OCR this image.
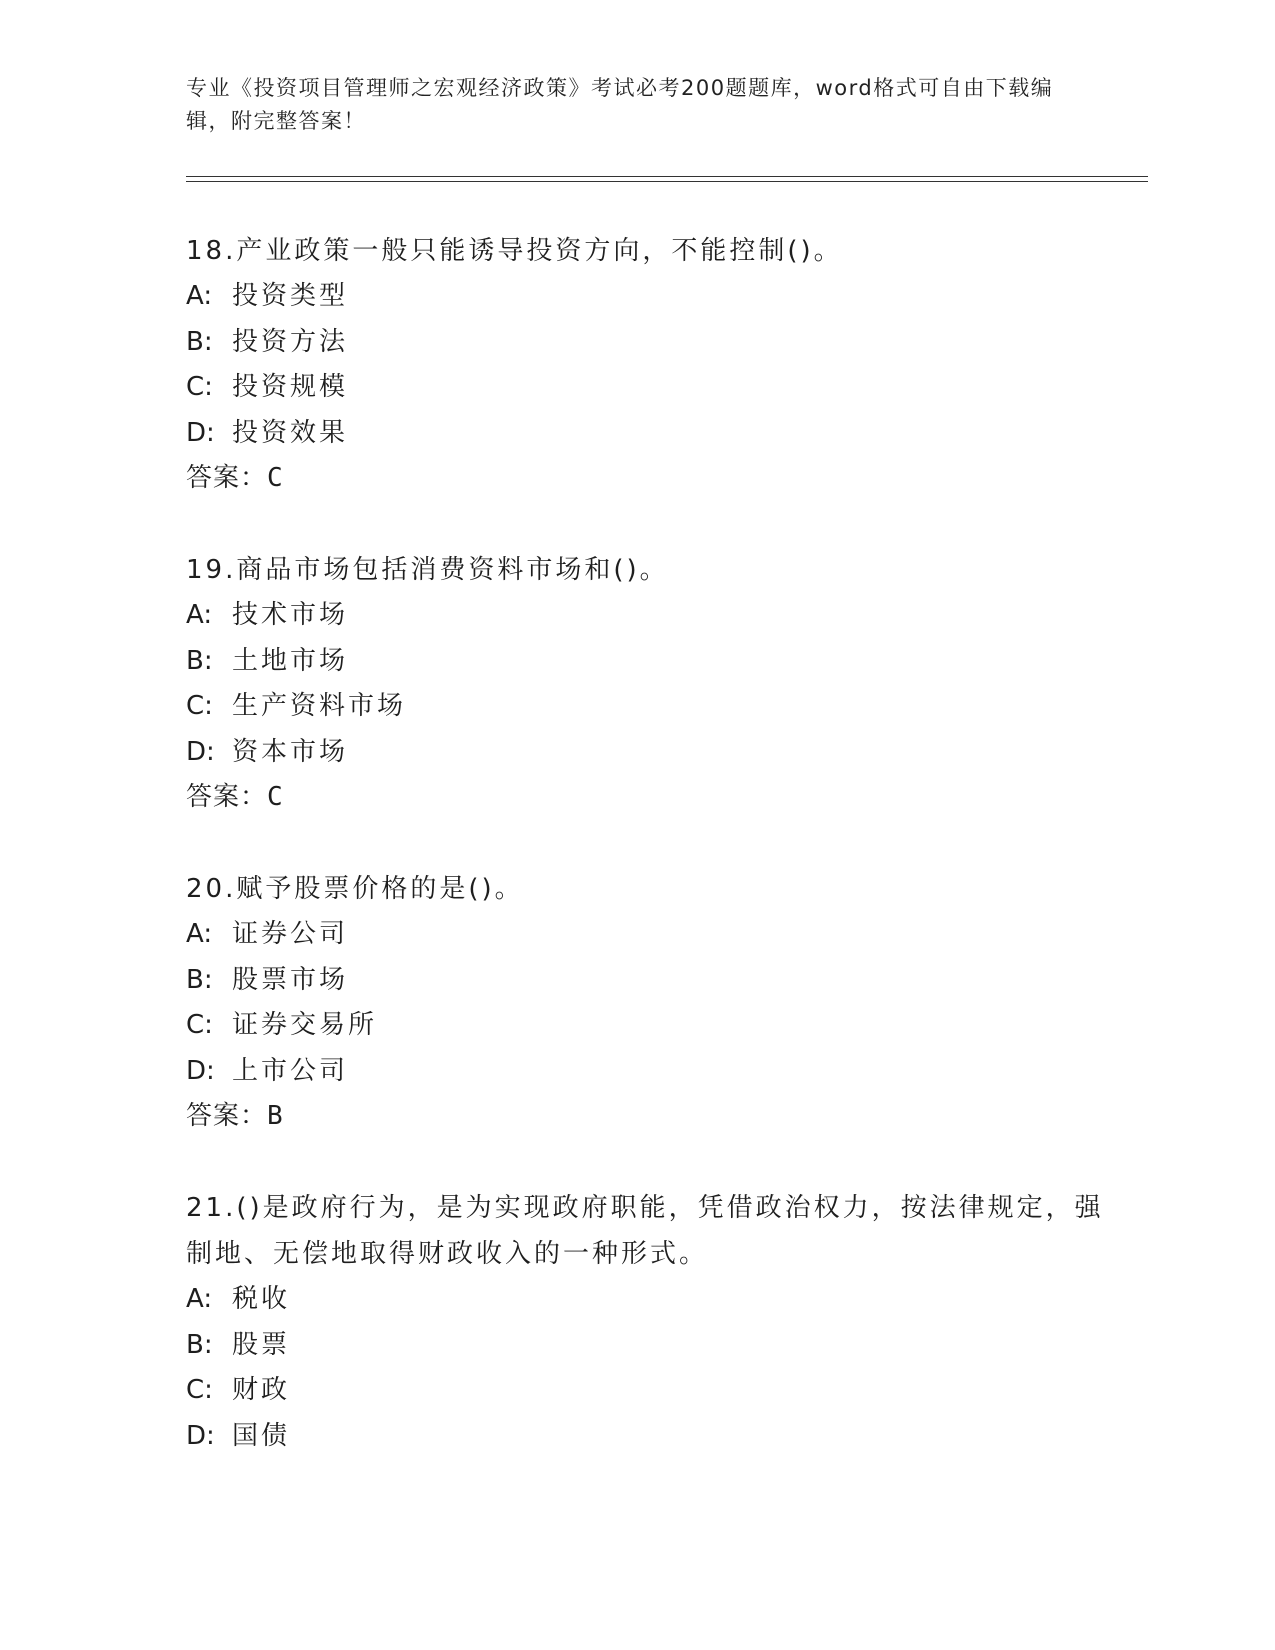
专业《投资项目管理师之宏观经济政策》考试必考200题题库，word格式可自由下载编辑，附完整答案！
18.产业政策一般只能诱导投资方向，不能控制()。
A: 投资类型
B: 投资方法
C: 投资规模
D: 投资效果
答案：C
19.商品市场包括消费资料市场和()。
A: 技术市场
B: 土地市场
C: 生产资料市场
D: 资本市场
答案：C
20.赋予股票价格的是()。
A: 证券公司
B: 股票市场
C: 证券交易所
D: 上市公司
答案：B
21.()是政府行为，是为实现政府职能，凭借政治权力，按法律规定，强制地、无偿地取得财政收入的一种形式。
A: 税收
B: 股票
C: 财政
D: 国债
